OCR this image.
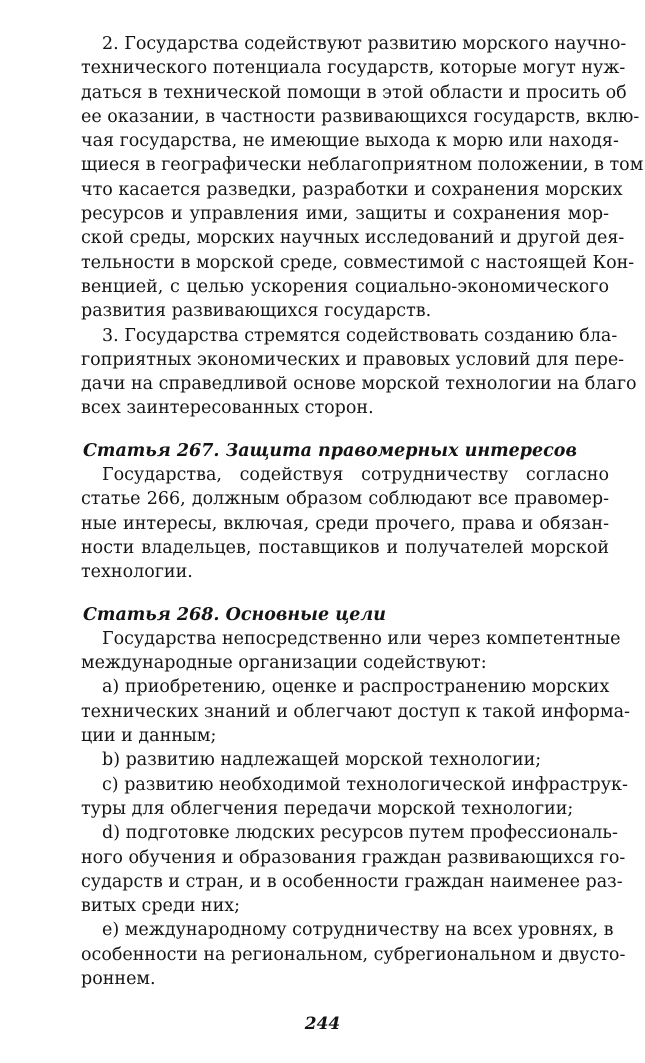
2. Государства содействуют развитию морского научно-
технического потенциала государств, которые могут нуж-
даться в технической помощи в этой области и просить об
ее оказании, в частности развивающихся государств, вклю-
чая государства, не имеющие выхода к морю или находя-
щиеся в географически неблагоприятном положении, в том
что касается разведки, разработки и сохранения морских
ресурсов и управления ими, защиты и сохранения мор-
ской среды, морских научных исследований и другой дея-
тельности в морской среде, совместимой с настоящей Кон-
венцией, с целью ускорения социально-экономического
развития развивающихся государств.
3. Государства стремятся содействовать созданию бла-
гоприятных экономических и правовых условий для пере-
дачи на справедливой основе морской технологии на благо
всех заинтересованных сторон.
Статья 267. Защита правомерных интересов
Государства, содействуя сотрудничеству согласно
статье 266, должным образом соблюдают все правомер-
ные интересы, включая, среди прочего, права и обязан-
ности владельцев, поставщиков и получателей морской
технологии.
Статья 268. Основные цели
Государства непосредственно или через компетентные
международные организации содействуют:
a) приобретению, оценке и распространению морских
технических знаний и облегчают доступ к такой информа-
ции и данным;
b) развитию надлежащей морской технологии;
c) развитию необходимой технологической инфраструк-
туры для облегчения передачи морской технологии;
d) подготовке людских ресурсов путем профессиональ-
ного обучения и образования граждан развивающихся го-
сударств и стран, и в особенности граждан наименее раз-
витых среди них;
e) международному сотрудничеству на всех уровнях, в
особенности на региональном, субрегиональном и двусто-
роннем.
244
